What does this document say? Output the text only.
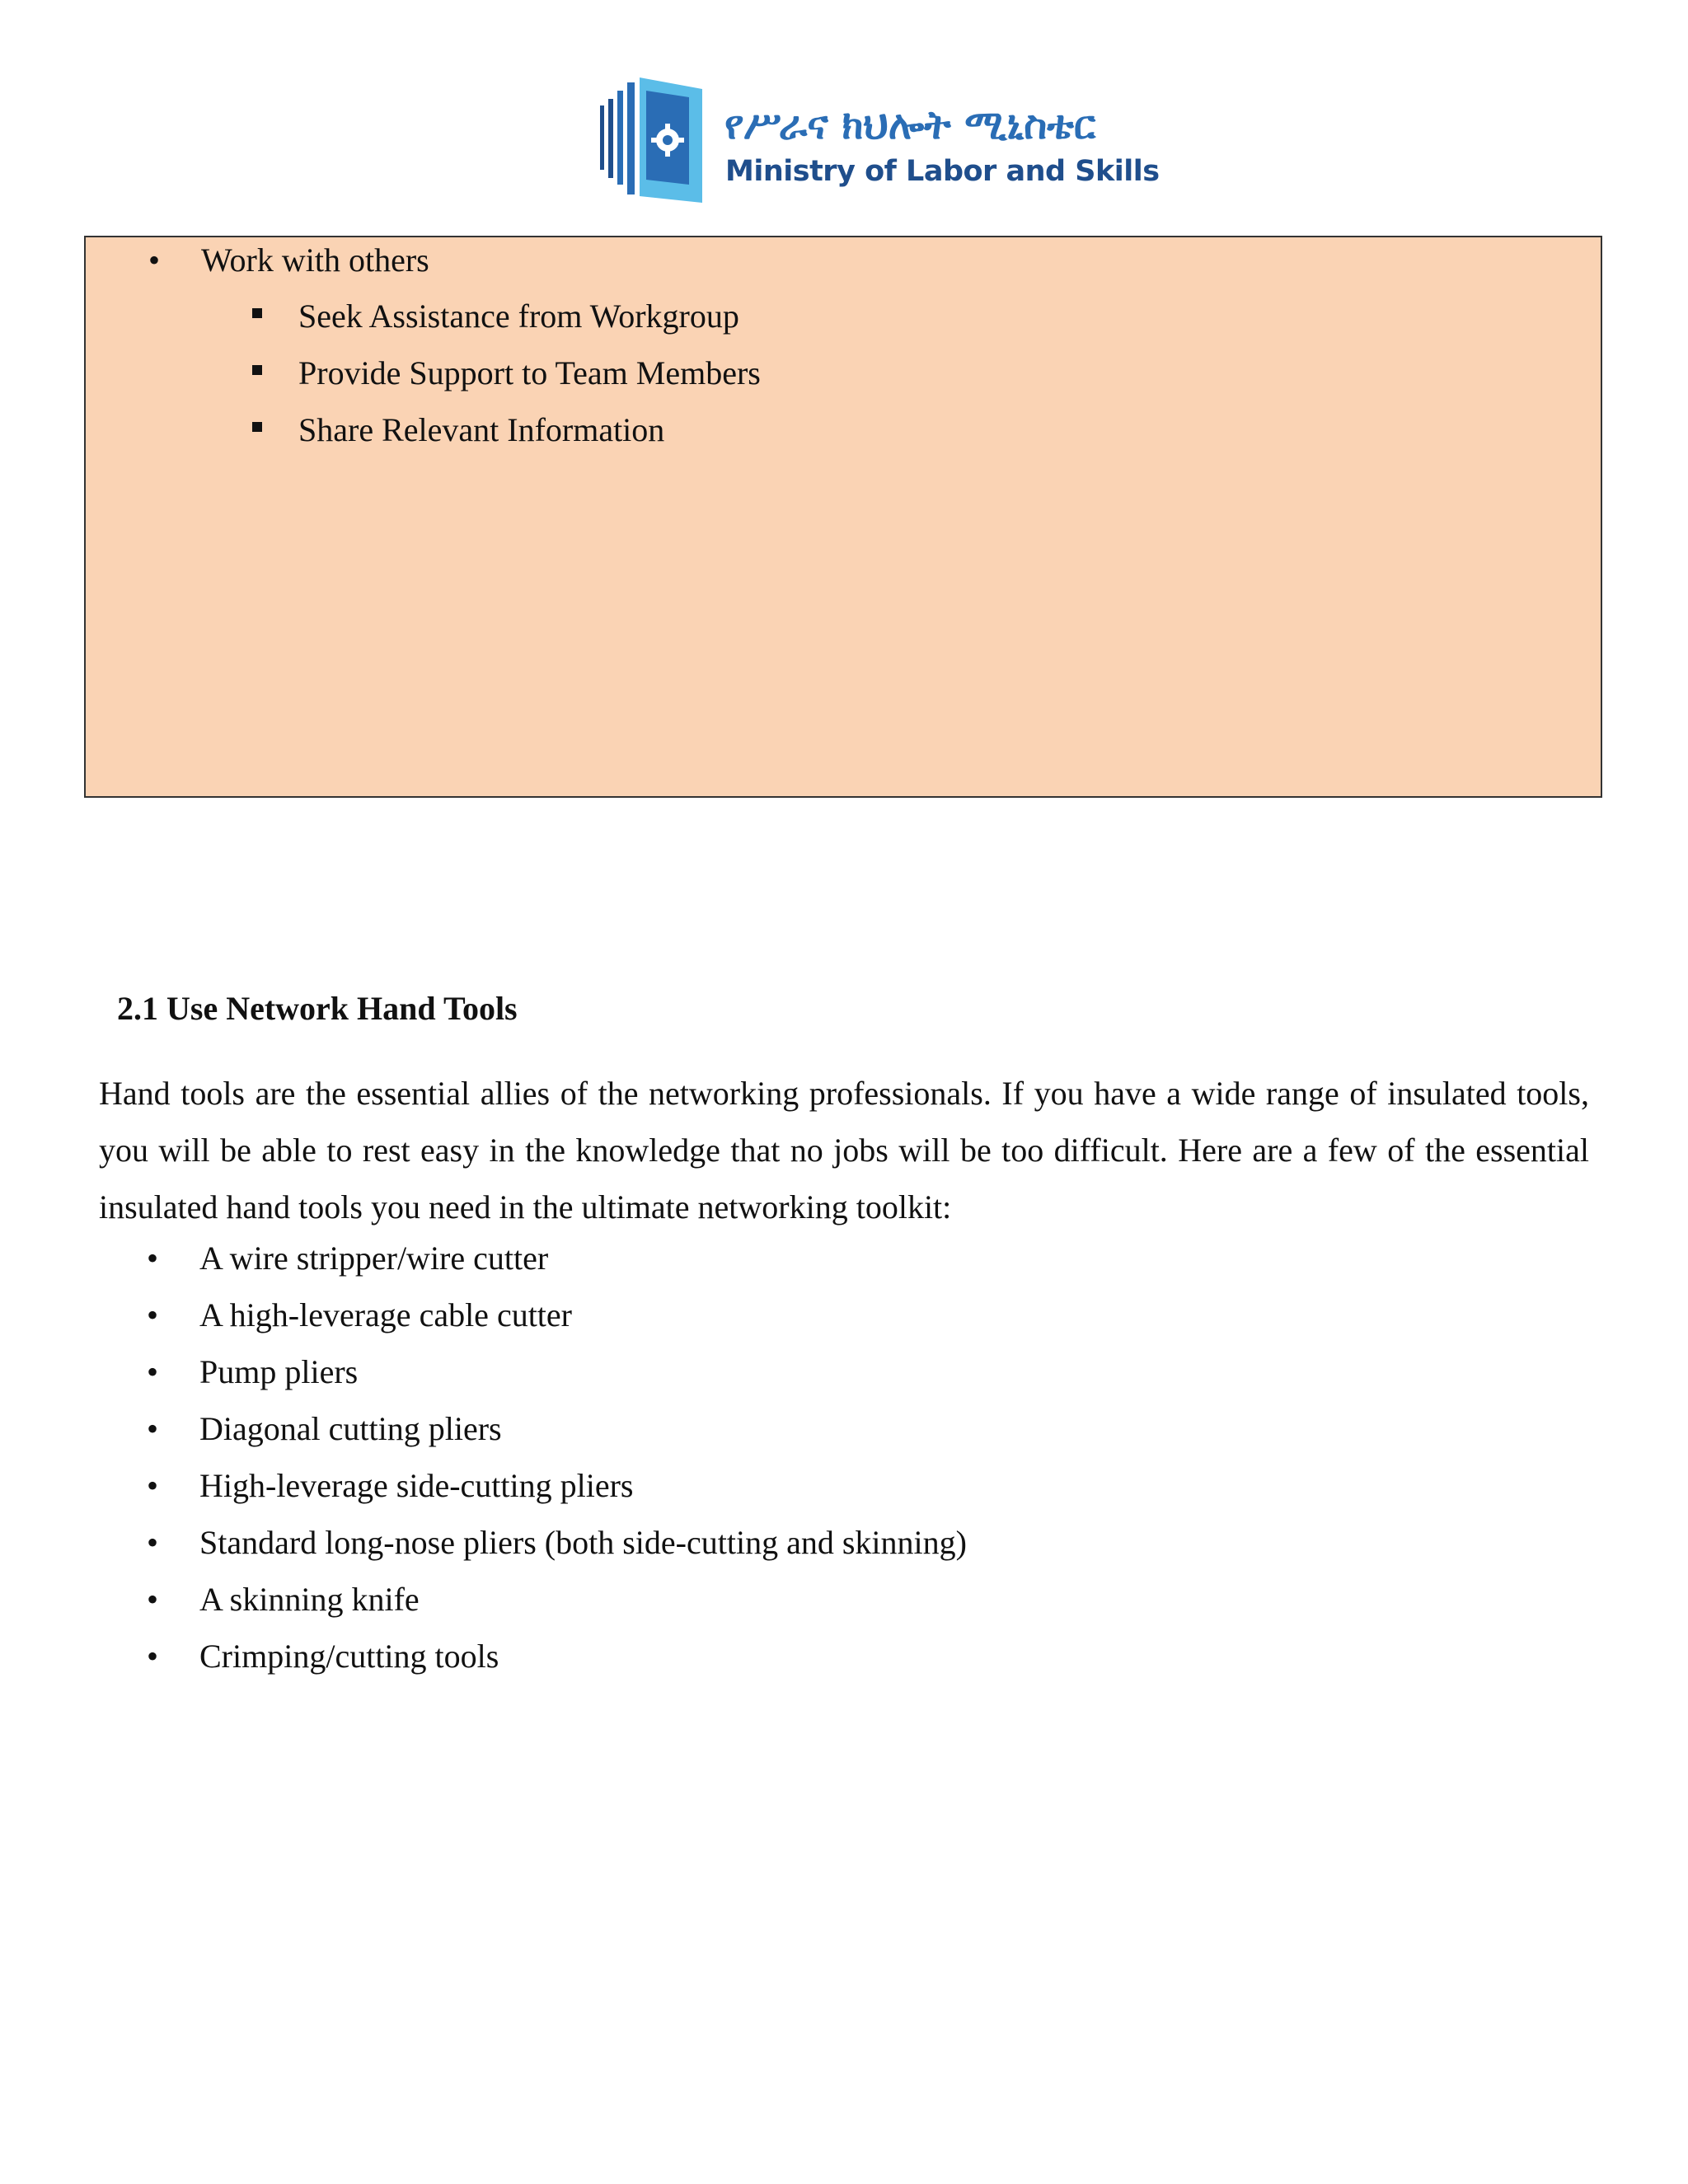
የሥራና ክህሎት ሚኒስቴር
Ministry of Labor and Skills
• Work with others
Seek Assistance from Workgroup
Provide Support to Team Members
Share Relevant Information
2.1 Use Network Hand Tools
Hand tools are the essential allies of the networking professionals. If you have a wide range of insulated tools, you will be able to rest easy in the knowledge that no jobs will be too difficult. Here are a few of the essential insulated hand tools you need in the ultimate networking toolkit:
• A wire stripper/wire cutter
• A high-leverage cable cutter
• Pump pliers
• Diagonal cutting pliers
• High-leverage side-cutting pliers
• Standard long-nose pliers (both side-cutting and skinning)
• A skinning knife
• Crimping/cutting tools
